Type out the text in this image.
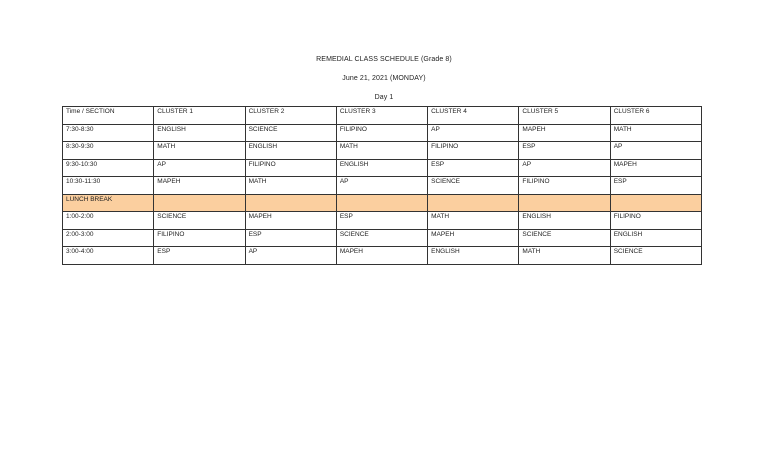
REMEDIAL CLASS SCHEDULE (Grade 8)
June 21, 2021 (MONDAY)
Day 1
Time / SECTION	CLUSTER 1	CLUSTER 2	CLUSTER 3	CLUSTER 4	CLUSTER 5	CLUSTER 6
7:30-8:30	ENGLISH	SCIENCE	FILIPINO	AP	MAPEH	MATH
8:30-9:30	MATH	ENGLISH	MATH	FILIPINO	ESP	AP
9:30-10:30	AP	FILIPINO	ENGLISH	ESP	AP	MAPEH
10:30-11:30	MAPEH	MATH	AP	SCIENCE	FILIPINO	ESP
LUNCH BREAK						
1:00-2:00	SCIENCE	MAPEH	ESP	MATH	ENGLISH	FILIPINO
2:00-3:00	FILIPINO	ESP	SCIENCE	MAPEH	SCIENCE	ENGLISH
3:00-4:00	ESP	AP	MAPEH	ENGLISH	MATH	SCIENCE
